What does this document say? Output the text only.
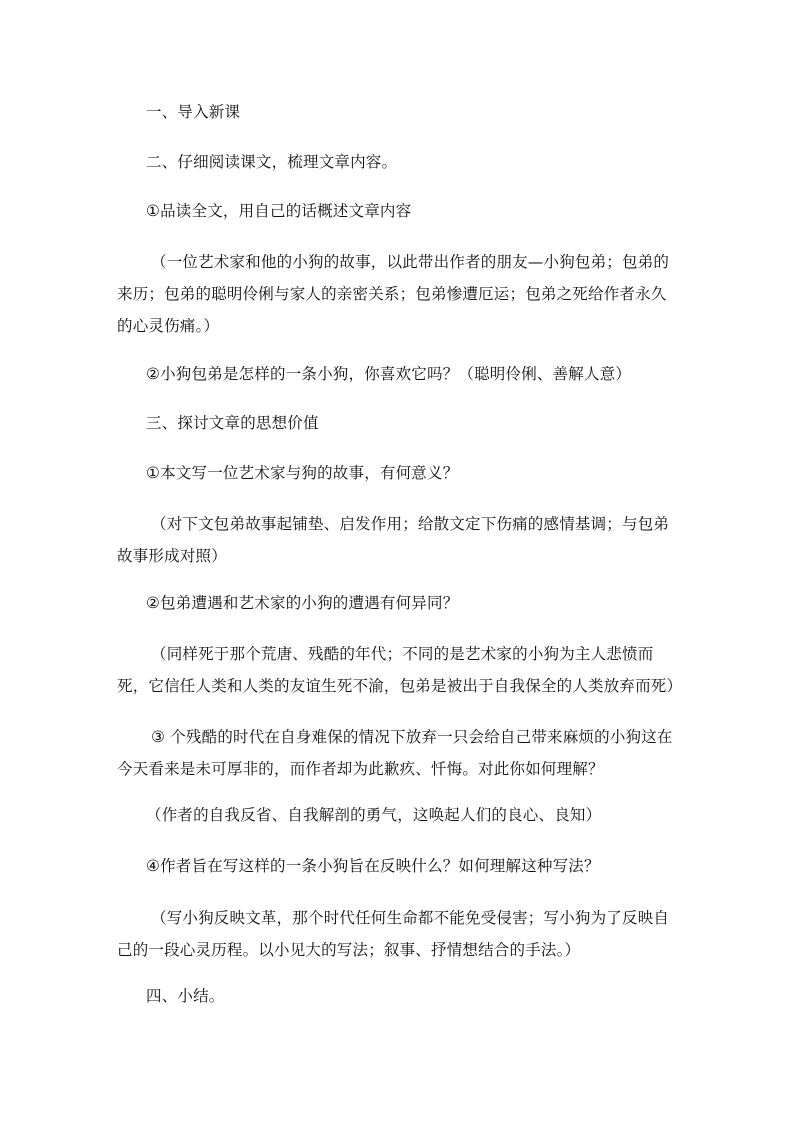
一、导入新课
二、仔细阅读课文，梳理文章内容。
①品读全文，用自己的话概述文章内容
（一位艺术家和他的小狗的故事，以此带出作者的朋友—小狗包弟；包弟的来历；包弟的聪明伶俐与家人的亲密关系；包弟惨遭厄运；包弟之死给作者永久的心灵伤痛。）
②小狗包弟是怎样的一条小狗，你喜欢它吗？（聪明伶俐、善解人意）
三、探讨文章的思想价值
①本文写一位艺术家与狗的故事，有何意义？
（对下文包弟故事起铺垫、启发作用；给散文定下伤痛的感情基调；与包弟故事形成对照）
②包弟遭遇和艺术家的小狗的遭遇有何异同？
（同样死于那个荒唐、残酷的年代；不同的是艺术家的小狗为主人悲愤而死，它信任人类和人类的友谊生死不渝，包弟是被出于自我保全的人类放弃而死）
③ 个残酷的时代在自身难保的情况下放弃一只会给自己带来麻烦的小狗这在今天看来是未可厚非的，而作者却为此歉疚、忏悔。对此你如何理解？
（作者的自我反省、自我解剖的勇气，这唤起人们的良心、良知）
④作者旨在写这样的一条小狗旨在反映什么？如何理解这种写法？
（写小狗反映文革，那个时代任何生命都不能免受侵害；写小狗为了反映自己的一段心灵历程。以小见大的写法；叙事、抒情想结合的手法。）
四、小结。
